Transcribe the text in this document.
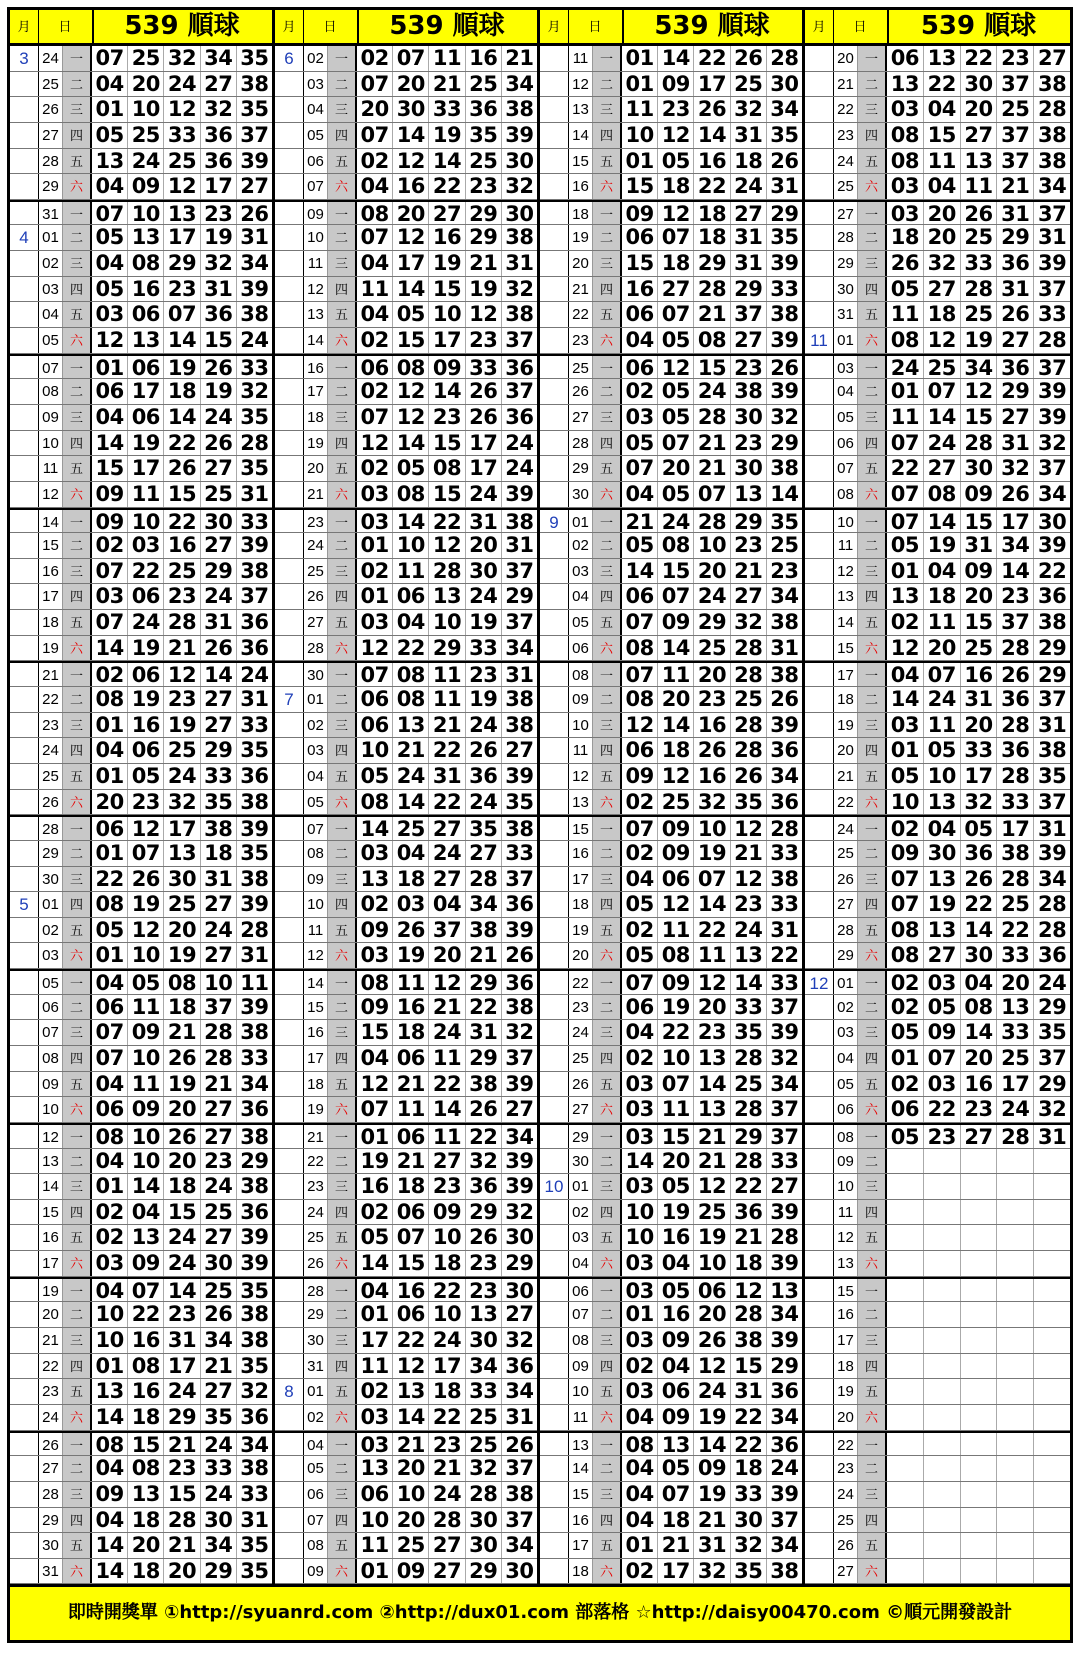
月	日	539 順球
3 24 一 07 25 32 34 35
25 二 04 20 24 27 38
26 三 01 10 12 32 35
27 四 05 25 33 36 37
28 五 13 24 25 36 39
29 六 04 09 12 17 27
31 一 07 10 13 23 26
4 01 二 05 13 17 19 31
02 三 04 08 29 32 34
03 四 05 16 23 31 39
04 五 03 06 07 36 38
05 六 12 13 14 15 24
07 一 01 06 19 26 33
08 二 06 17 18 19 32
09 三 04 06 14 24 35
10 四 14 19 22 26 28
11 五 15 17 26 27 35
12 六 09 11 15 25 31
14 一 09 10 22 30 33
15 二 02 03 16 27 39
16 三 07 22 25 29 38
17 四 03 06 23 24 37
18 五 07 24 28 31 36
19 六 14 19 21 26 36
21 一 02 06 12 14 24
22 二 08 19 23 27 31
23 三 01 16 19 27 33
24 四 04 06 25 29 35
25 五 01 05 24 33 36
26 六 20 23 32 35 38
28 一 06 12 17 38 39
29 二 01 07 13 18 35
30 三 22 26 30 31 38
5 01 四 08 19 25 27 39
02 五 05 12 20 24 28
03 六 01 10 19 27 31
05 一 04 05 08 10 11
06 二 06 11 18 37 39
07 三 07 09 21 28 38
08 四 07 10 26 28 33
09 五 04 11 19 21 34
10 六 06 09 20 27 36
12 一 08 10 26 27 38
13 二 04 10 20 23 29
14 三 01 14 18 24 38
15 四 02 04 15 25 36
16 五 02 13 24 27 39
17 六 03 09 24 30 39
19 一 04 07 14 25 35
20 二 10 22 23 26 38
21 三 10 16 31 34 38
22 四 01 08 17 21 35
23 五 13 16 24 27 32
24 六 14 18 29 35 36
26 一 08 15 21 24 34
27 二 04 08 23 33 38
28 三 09 13 15 24 33
29 四 04 18 28 30 31
30 五 14 20 21 34 35
31 六 14 18 20 29 35
月	日	539 順球
6 02 一 02 07 11 16 21
03 二 07 20 21 25 34
04 三 20 30 33 36 38
05 四 07 14 19 35 39
06 五 02 12 14 25 30
07 六 04 16 22 23 32
09 一 08 20 27 29 30
10 二 07 12 16 29 38
11 三 04 17 19 21 31
12 四 11 14 15 19 32
13 五 04 05 10 12 38
14 六 02 15 17 23 37
16 一 06 08 09 33 36
17 二 02 12 14 26 37
18 三 07 12 23 26 36
19 四 12 14 15 17 24
20 五 02 05 08 17 24
21 六 03 08 15 24 39
23 一 03 14 22 31 38
24 二 01 10 12 20 31
25 三 02 11 28 30 37
26 四 01 06 13 24 29
27 五 03 04 10 19 37
28 六 12 22 29 33 34
30 一 07 08 11 23 31
7 01 二 06 08 11 19 38
02 三 06 13 21 24 38
03 四 10 21 22 26 27
04 五 05 24 31 36 39
05 六 08 14 22 24 35
07 一 14 25 27 35 38
08 二 03 04 24 27 33
09 三 13 18 27 28 37
10 四 02 03 04 34 36
11 五 09 26 37 38 39
12 六 03 19 20 21 26
14 一 08 11 12 29 36
15 二 09 16 21 22 38
16 三 15 18 24 31 32
17 四 04 06 11 29 37
18 五 12 21 22 38 39
19 六 07 11 14 26 27
21 一 01 06 11 22 34
22 二 19 21 27 32 39
23 三 16 18 23 36 39
24 四 02 06 09 29 32
25 五 05 07 10 26 30
26 六 14 15 18 23 29
28 一 04 16 22 23 30
29 二 01 06 10 13 27
30 三 17 22 24 30 32
31 四 11 12 17 34 36
8 01 五 02 13 18 33 34
02 六 03 14 22 25 31
04 一 03 21 23 25 26
05 二 13 20 21 32 37
06 三 06 10 24 28 38
07 四 10 20 28 30 37
08 五 11 25 27 30 34
09 六 01 09 27 29 30
月	日	539 順球
11 一 01 14 22 26 28
12 二 01 09 17 25 30
13 三 11 23 26 32 34
14 四 10 12 14 31 35
15 五 01 05 16 18 26
16 六 15 18 22 24 31
18 一 09 12 18 27 29
19 二 06 07 18 31 35
20 三 15 18 29 31 39
21 四 16 27 28 29 33
22 五 06 07 21 37 38
23 六 04 05 08 27 39
25 一 06 12 15 23 26
26 二 02 05 24 38 39
27 三 03 05 28 30 32
28 四 05 07 21 23 29
29 五 07 20 21 30 38
30 六 04 05 07 13 14
9 01 一 21 24 28 29 35
02 二 05 08 10 23 25
03 三 14 15 20 21 23
04 四 06 07 24 27 34
05 五 07 09 29 32 38
06 六 08 14 25 28 31
08 一 07 11 20 28 38
09 二 08 20 23 25 26
10 三 12 14 16 28 39
11 四 06 18 26 28 36
12 五 09 12 16 26 34
13 六 02 25 32 35 36
15 一 07 09 10 12 28
16 二 02 09 19 21 33
17 三 04 06 07 12 38
18 四 05 12 14 23 33
19 五 02 11 22 24 31
20 六 05 08 11 13 22
22 一 07 09 12 14 33
23 二 06 19 20 33 37
24 三 04 22 23 35 39
25 四 02 10 13 28 32
26 五 03 07 14 25 34
27 六 03 11 13 28 37
29 一 03 15 21 29 37
30 二 14 20 21 28 33
10 01 三 03 05 12 22 27
02 四 10 19 25 36 39
03 五 10 16 19 21 28
04 六 03 04 10 18 39
06 一 03 05 06 12 13
07 二 01 16 20 28 34
08 三 03 09 26 38 39
09 四 02 04 12 15 29
10 五 03 06 24 31 36
11 六 04 09 19 22 34
13 一 08 13 14 22 36
14 二 04 05 09 18 24
15 三 04 07 19 33 39
16 四 04 18 21 30 37
17 五 01 21 31 32 34
18 六 02 17 32 35 38
月	日	539 順球
20 一 06 13 22 23 27
21 二 13 22 30 37 38
22 三 03 04 20 25 28
23 四 08 15 27 37 38
24 五 08 11 13 37 38
25 六 03 04 11 21 34
27 一 03 20 26 31 37
28 二 18 20 25 29 31
29 三 26 32 33 36 39
30 四 05 27 28 31 37
31 五 11 18 25 26 33
11 01 六 08 12 19 27 28
03 一 24 25 34 36 37
04 二 01 07 12 29 39
05 三 11 14 15 27 39
06 四 07 24 28 31 32
07 五 22 27 30 32 37
08 六 07 08 09 26 34
10 一 07 14 15 17 30
11 二 05 19 31 34 39
12 三 01 04 09 14 22
13 四 13 18 20 23 36
14 五 02 11 15 37 38
15 六 12 20 25 28 29
17 一 04 07 16 26 29
18 二 14 24 31 36 37
19 三 03 11 20 28 31
20 四 01 05 33 36 38
21 五 05 10 17 28 35
22 六 10 13 32 33 37
24 一 02 04 05 17 31
25 二 09 30 36 38 39
26 三 07 13 26 28 34
27 四 07 19 22 25 28
28 五 08 13 14 22 28
29 六 08 27 30 33 36
12 01 一 02 03 04 20 24
02 二 02 05 08 13 29
03 三 05 09 14 33 35
04 四 01 07 20 25 37
05 五 02 03 16 17 29
06 六 06 22 23 24 32
08 一 05 23 27 28 31
09 二
10 三
11 四
12 五
13 六
15 一
16 二
17 三
18 四
19 五
20 六
22 一
23 二
24 三
25 四
26 五
27 六
即時開獎單 ①http://syuanrd.com ②http://dux01.com 部落格 ☆http://daisy00470.com ©順元開發設計
